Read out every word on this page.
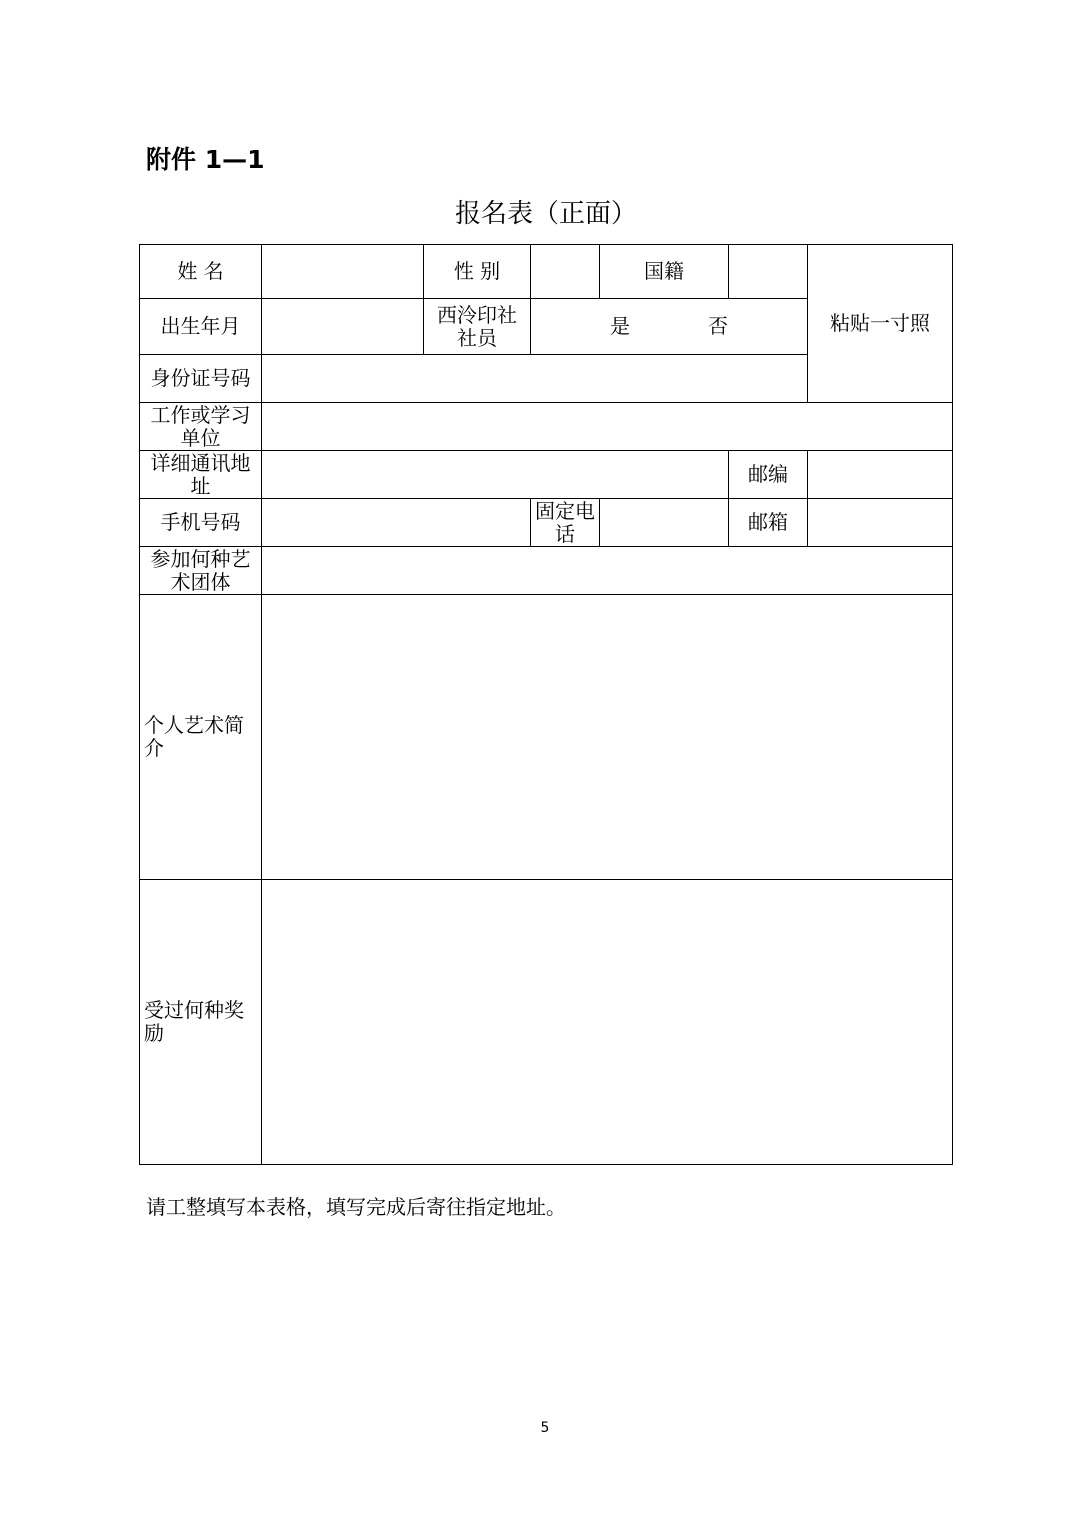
附件 1—1

报名表（正面）
姓 名		性 别		国籍		粘贴一寸照
出生年月		西泠印社社员	是 否			

身份证号码						
工作或学习单位						
详细通讯地址					邮编	
手机号码			固定电话		邮箱	
参加何种艺术团体						
个人艺术简介						
受过何种奖励						

请工整填写本表格，填写完成后寄往指定地址。

5
